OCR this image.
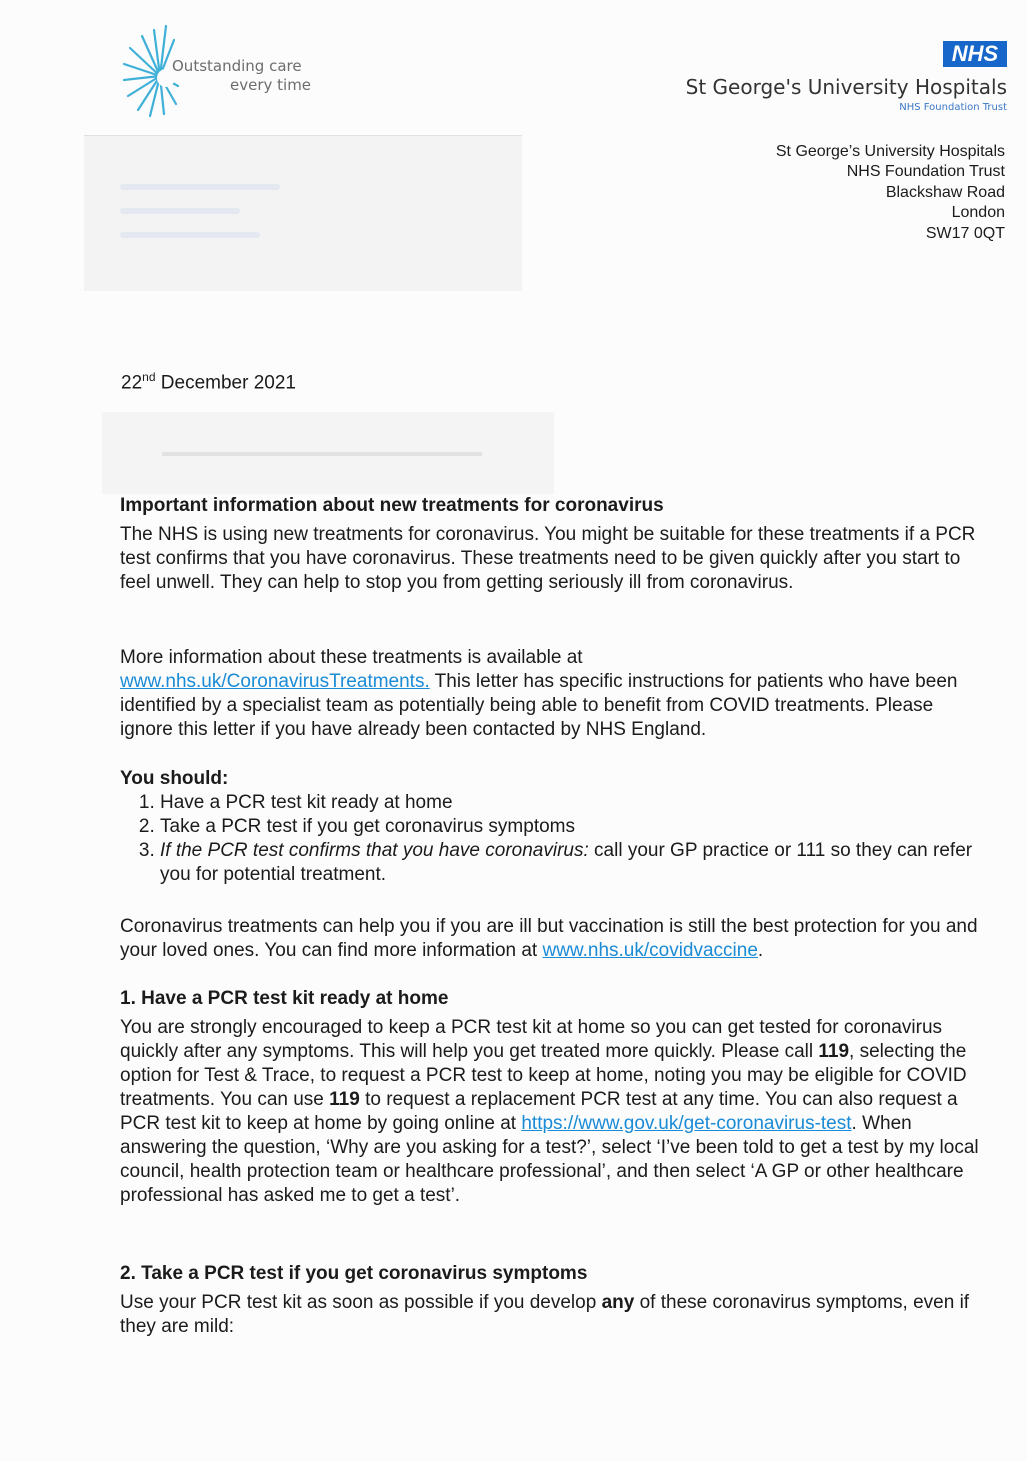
Outstanding care
every time
NHS
St George's University Hospitals
NHS Foundation Trust
St George’s University Hospitals
NHS Foundation Trust
Blackshaw Road
London
SW17 0QT
22nd December 2021
Important information about new treatments for coronavirus
The NHS is using new treatments for coronavirus. You might be suitable for these treatments if a PCR test confirms that you have coronavirus. These treatments need to be given quickly after you start to feel unwell. They can help to stop you from getting seriously ill from coronavirus.
More information about these treatments is available at
www.nhs.uk/CoronavirusTreatments. This letter has specific instructions for patients who have been identified by a specialist team as potentially being able to benefit from COVID treatments. Please ignore this letter if you have already been contacted by NHS England.
You should:
1. Have a PCR test kit ready at home
2. Take a PCR test if you get coronavirus symptoms
3. If the PCR test confirms that you have coronavirus: call your GP practice or 111 so they can refer you for potential treatment.
Coronavirus treatments can help you if you are ill but vaccination is still the best protection for you and your loved ones. You can find more information at www.nhs.uk/covidvaccine.
1. Have a PCR test kit ready at home
You are strongly encouraged to keep a PCR test kit at home so you can get tested for coronavirus quickly after any symptoms. This will help you get treated more quickly. Please call 119, selecting the option for Test & Trace, to request a PCR test to keep at home, noting you may be eligible for COVID treatments. You can use 119 to request a replacement PCR test at any time. You can also request a PCR test kit to keep at home by going online at https://www.gov.uk/get-coronavirus-test. When answering the question, ‘Why are you asking for a test?’, select ‘I’ve been told to get a test by my local council, health protection team or healthcare professional’, and then select ‘A GP or other healthcare professional has asked me to get a test’.
2. Take a PCR test if you get coronavirus symptoms
Use your PCR test kit as soon as possible if you develop any of these coronavirus symptoms, even if they are mild:
